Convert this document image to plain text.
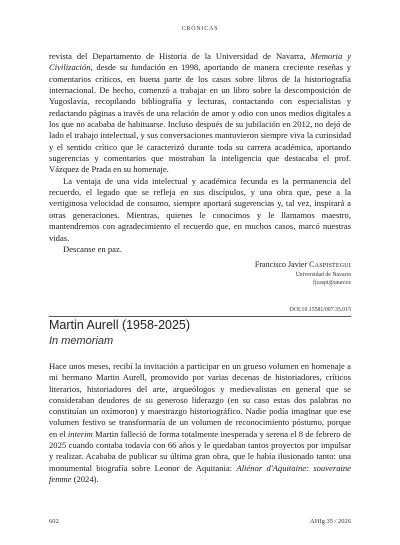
CRÓNICAS

revista del Departamento de Historia de la Universidad de Navarra, Memoria y Civilización, desde su fundación en 1998, aportando de manera creciente reseñas y comentarios críticos, en buena parte de los casos sobre libros de la historiografía internacional. De hecho, comenzó a trabajar en un libro sobre la descomposición de Yugoslavia, recopilando bibliografía y lecturas, contactando con especialistas y redactando páginas a través de una relación de amor y odio con unos medios digitales a los que no acababa de habituarse. Incluso después de su jubilación en 2012, no dejó de lado el trabajo intelectual, y sus conversaciones mantuvieron siempre viva la curiosidad y el sentido crítico que le caracterizó durante toda su carrera académica, aportando sugerencias y comentarios que mostraban la inteligencia que destacaba el prof. Vázquez de Prada en su homenaje.

La ventaja de una vida intelectual y académica fecunda es la permanencia del recuerdo, el legado que se refleja en sus discípulos, y una obra que, pese a la vertiginosa velocidad de consumo, siempre aportará sugerencias y, tal vez, inspirará a otras generaciones. Mientras, quienes le conocimos y le llamamos maestro, mantendremos con agradecimiento el recuerdo que, en muchos casos, marcó nuestras vidas.

Descanse en paz.

Francisco Javier Caspistegui
Universidad de Navarra
fjcaspi@unav.es
DOI:10.15581/007.35.015
Martin Aurell (1958-2025)
In memoriam

Hace unos meses, recibí la invitación a participar en un grueso volumen en homenaje a mi hermano Martin Aurell, promovido por varias decenas de historiadores, críticos literarios, historiadores del arte, arqueólogos y medievalistas en general que se consideraban deudores de su generoso liderazgo (en su caso estas dos palabras no constituían un oxímoron) y maestrazgo historiográfico. Nadie podía imaginar que ese volumen festivo se transformaría de un volumen de reconocimiento póstumo, porque en el interim Martin falleció de forma totalmente inesperada y serena el 8 de febrero de 2025 cuando contaba todavía con 66 años y le quedaban tantos proyectos por impulsar y realizar. Acababa de publicar su última gran obra, que le había ilusionado tanto: una monumental biografía sobre Leonor de Aquitania: Aliénor d'Aquitaine: souveraine femme (2024).

602	AHIg 35 / 2026
